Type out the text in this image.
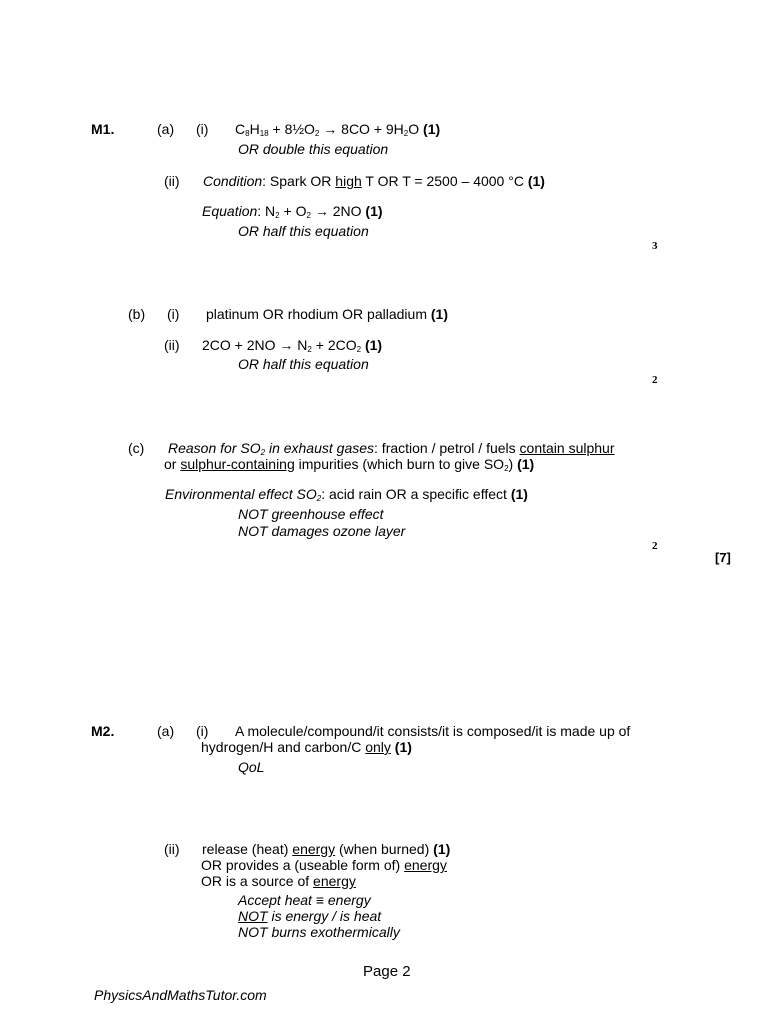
M1.	(a) (i) $C_8H_{18}$ + $8\frac{1}{2}O_2 \to 8CO + 9H_2O$ (1)
OR double this equation
(ii) Condition: Spark OR high T OR T = 2500 – 4000 °C (1)
Equation: $N_2 + O_2 \to 2NO$ (1)
OR half this equation
3
(b) (i) platinum OR rhodium OR palladium (1)
(ii) $2CO + 2NO \to N_2 + 2CO_2$ (1)
OR half this equation
2
(c) Reason for $SO_2$ in exhaust gases: fraction / petrol / fuels contain sulphur
or sulphur-containing impurities (which burn to give $SO_2$) (1)
Environmental effect $SO_2$: acid rain OR a specific effect (1)
NOT greenhouse effect
NOT damages ozone layer
2
[7]
M2.	(a) (i) A molecule/compound/it consists/it is composed/it is made up of
hydrogen/H and carbon/C only (1)
QoL
(ii) release (heat) energy (when burned) (1)
OR provides a (useable form of) energy
OR is a source of energy
Accept heat ≡ energy
NOT is energy / is heat
NOT burns exothermically
Page 2
PhysicsAndMathsTutor.com
